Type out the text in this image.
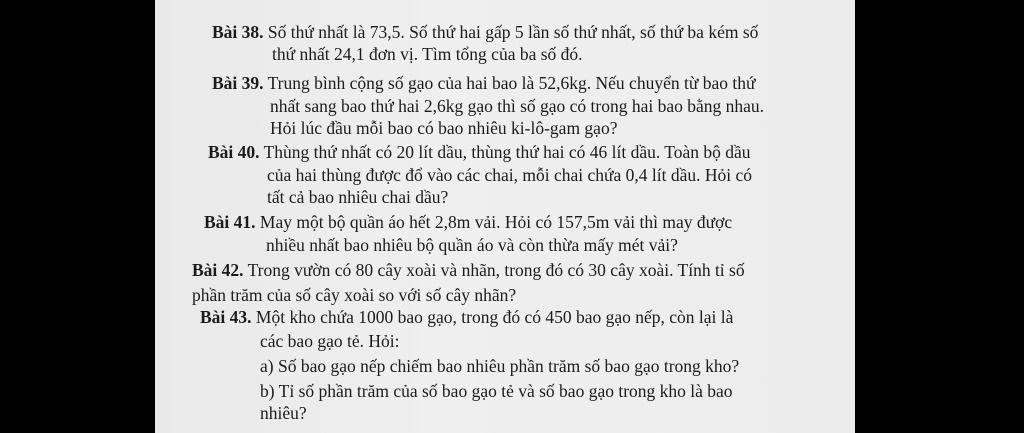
Bài 38. Số thứ nhất là 73,5. Số thứ hai gấp 5 lần số thứ nhất, số thứ ba kém số
thứ nhất 24,1 đơn vị. Tìm tổng của ba số đó.
Bài 39. Trung bình cộng số gạo của hai bao là 52,6kg. Nếu chuyển từ bao thứ
nhất sang bao thứ hai 2,6kg gạo thì số gạo có trong hai bao bằng nhau.
Hỏi lúc đầu mỗi bao có bao nhiêu ki-lô-gam gạo?
Bài 40. Thùng thứ nhất có 20 lít dầu, thùng thứ hai có 46 lít dầu. Toàn bộ dầu
của hai thùng được đổ vào các chai, mỗi chai chứa 0,4 lít dầu. Hỏi có
tất cả bao nhiêu chai dầu?
Bài 41. May một bộ quần áo hết 2,8m vải. Hỏi có 157,5m vải thì may được
nhiều nhất bao nhiêu bộ quần áo và còn thừa mấy mét vải?
Bài 42. Trong vườn có 80 cây xoài và nhãn, trong đó có 30 cây xoài. Tính tỉ số
phần trăm của số cây xoài so với số cây nhãn?
Bài 43. Một kho chứa 1000 bao gạo, trong đó có 450 bao gạo nếp, còn lại là
các bao gạo tẻ. Hỏi:
a) Số bao gạo nếp chiếm bao nhiêu phần trăm số bao gạo trong kho?
b) Tỉ số phần trăm của số bao gạo tẻ và số bao gạo trong kho là bao
nhiêu?
